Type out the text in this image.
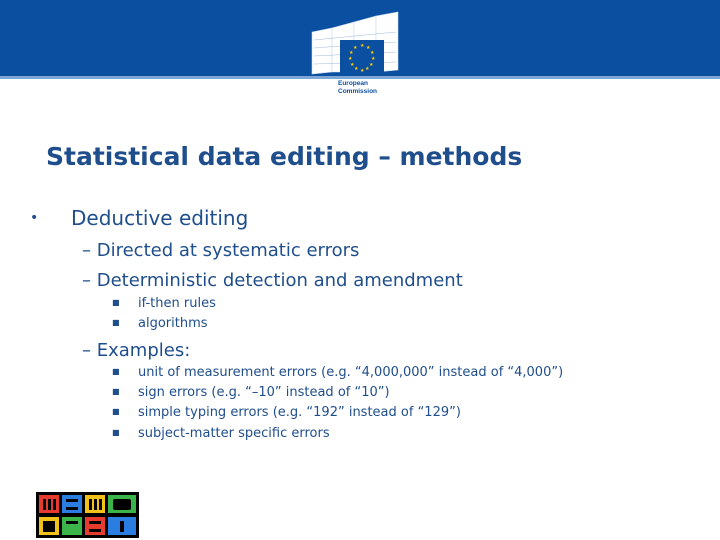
★ ★
★
★
★
★
★
★
★
★
★
★
European
Commission
Statistical data editing – methods
• Deductive editing
– Directed at systematic errors
– Deterministic detection and amendment
■ if-then rules
■ algorithms
– Examples:
■ unit of measurement errors (e.g. “4,000,000” instead of “4,000”)
■ sign errors (e.g. “–10” instead of “10”)
■ simple typing errors (e.g. “192” instead of “129”)
■ subject-matter specific errors
